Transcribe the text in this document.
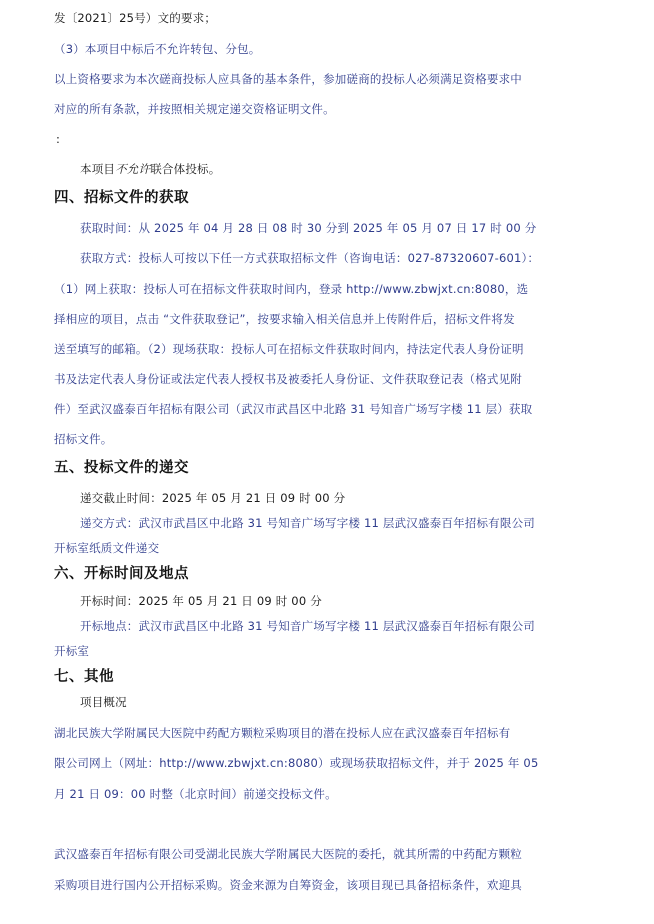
发〔2021〕25号）文的要求；
（3）本项目中标后不允许转包、分包。
以上资格要求为本次磋商投标人应具备的基本条件，参加磋商的投标人必须满足资格要求中
对应的所有条款，并按照相关规定递交资格证明文件。
:
本项目不允许联合体投标。
四、招标文件的获取
获取时间：从 2025 年 04 月 28 日 08 时 30 分到 2025 年 05 月 07 日 17 时 00 分
获取方式：投标人可按以下任一方式获取招标文件（咨询电话：027-87320607-601）：
（1）网上获取：投标人可在招标文件获取时间内，登录 http://www.zbwjxt.cn:8080，选
择相应的项目，点击 “文件获取登记”，按要求输入相关信息并上传附件后，招标文件将发
送至填写的邮箱。（2）现场获取：投标人可在招标文件获取时间内，持法定代表人身份证明
书及法定代表人身份证或法定代表人授权书及被委托人身份证、文件获取登记表（格式见附
件）至武汉盛泰百年招标有限公司（武汉市武昌区中北路 31 号知音广场写字楼 11 层）获取
招标文件。
五、投标文件的递交
递交截止时间：2025 年 05 月 21 日 09 时 00 分
递交方式：武汉市武昌区中北路 31 号知音广场写字楼 11 层武汉盛泰百年招标有限公司
开标室纸质文件递交
六、开标时间及地点
开标时间：2025 年 05 月 21 日 09 时 00 分
开标地点：武汉市武昌区中北路 31 号知音广场写字楼 11 层武汉盛泰百年招标有限公司
开标室
七、其他
项目概况
湖北民族大学附属民大医院中药配方颗粒采购项目的潜在投标人应在武汉盛泰百年招标有
限公司网上（网址：http://www.zbwjxt.cn:8080）或现场获取招标文件，并于 2025 年 05
月 21 日 09：00 时整（北京时间）前递交投标文件。
武汉盛泰百年招标有限公司受湖北民族大学附属民大医院的委托，就其所需的中药配方颗粒
采购项目进行国内公开招标采购。资金来源为自筹资金，该项目现已具备招标条件，欢迎具
